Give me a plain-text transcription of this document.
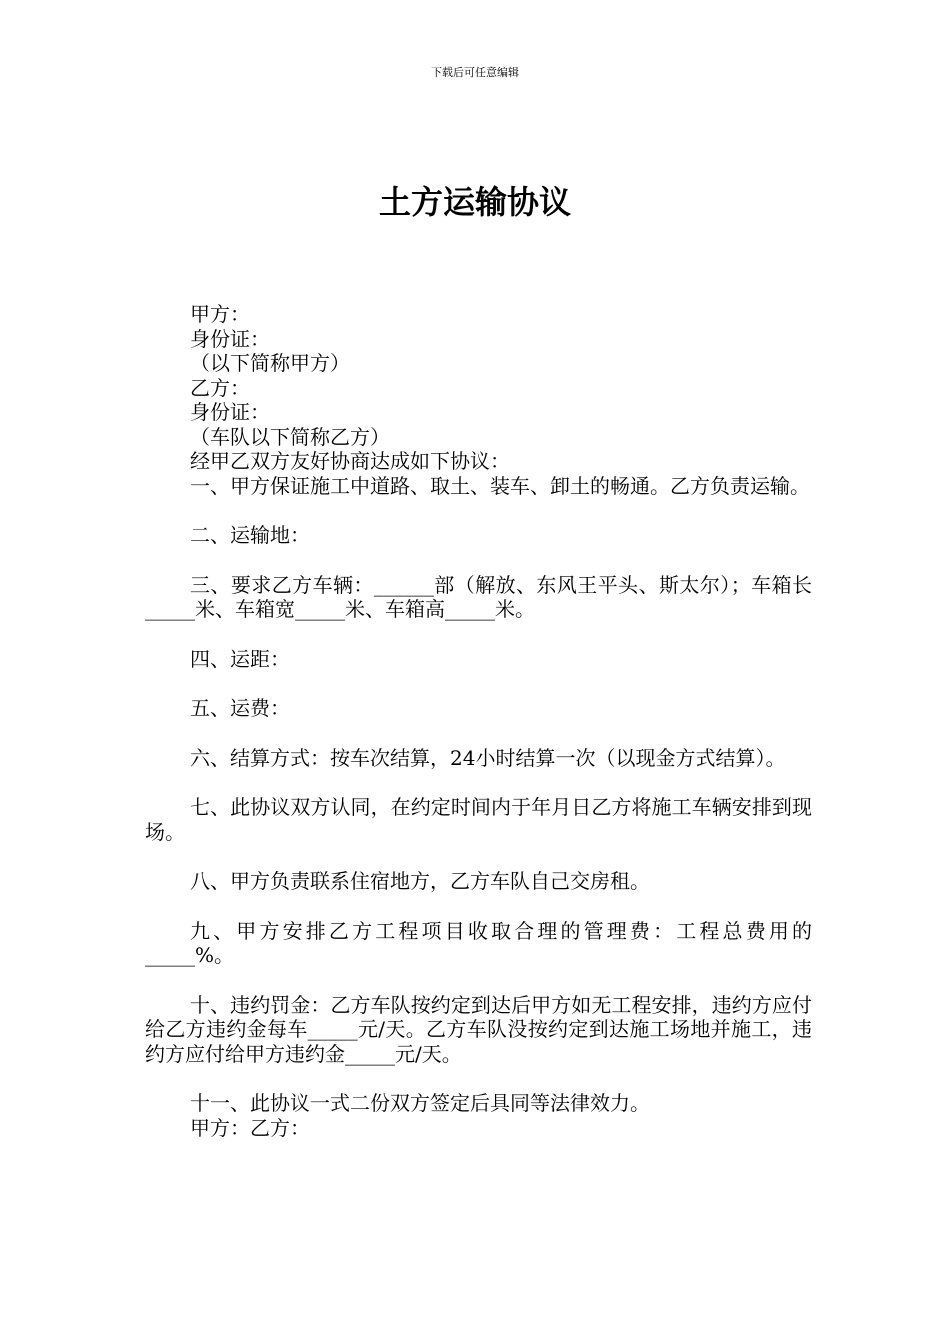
下载后可任意编辑
土方运输协议

甲方：

身份证：

（以下简称甲方）

乙方：

身份证：

（车队以下简称乙方）

经甲乙双方友好协商达成如下协议：

一、甲方保证施工中道路、取土、装车、卸土的畅通。乙方负责运输。

二、运输地：

三、要求乙方车辆：______部（解放、东风王平头、斯太尔）；车箱长_____米、车箱宽_____米、车箱高_____米。

四、运距：

五、运费：

六、结算方式：按车次结算，24小时结算一次（以现金方式结算）。

七、此协议双方认同，在约定时间内于年月日乙方将施工车辆安排到现场。

八、甲方负责联系住宿地方，乙方车队自己交房租。

九、甲方安排乙方工程项目收取合理的管理费：工程总费用的_____%。

十、违约罚金：乙方车队按约定到达后甲方如无工程安排，违约方应付给乙方违约金每车_____元/天。乙方车队没按约定到达施工场地并施工，违约方应付给甲方违约金_____元/天。

十一、此协议一式二份双方签定后具同等法律效力。

甲方：乙方：
